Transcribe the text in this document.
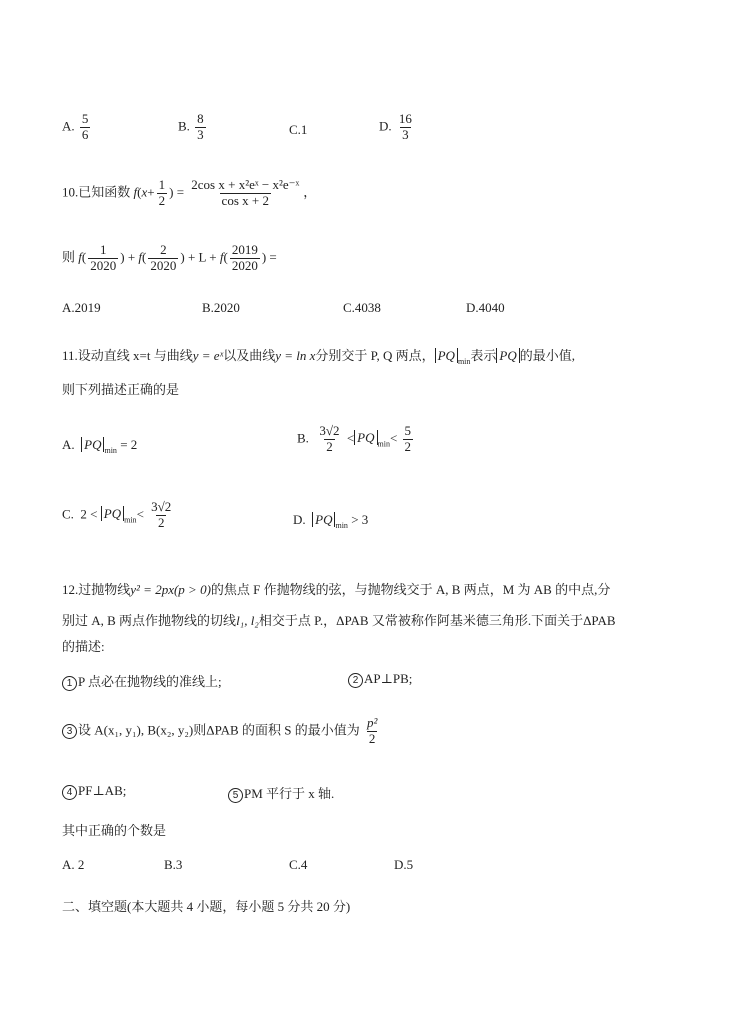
A. $\frac{5}{6}$	B. $\frac{8}{3}$	C.1	D. $\frac{16}{3}$
10.已知函数 $f(x+ \frac{1}{2}$ ) = $\frac{\text{2cos x + x²eˣ − x²e⁻ˣ}}{\text{cos x + 2}}$ ，
则 $f( \frac{1}{2020}$ ) + $f( \frac{2}{2020}$ ) + $L + f( \frac{2019}{2020}$ ) =
A.2019	B.2020	C.4038	D.4040
11.设动直线 x=t 与曲线y = eˣ以及曲线y = ln x分别交于 P, Q 两点， PQ $_{min}$表示 PQ 的最小值,
则下列描述正确的是
A. PQ $_{min}$ = 2	B. $\frac{3√2}{2}$ < PQ $_{min}< \frac{5}{2}$
C. 2 < PQ $_{min}< \frac{3√2}{2}$	D. PQ $_{min}$ > 3
12.过抛物线y² = 2px(p > 0)的焦点 F 作抛物线的弦，与抛物线交于 A, B 两点，M 为 AB 的中点,分
别过 A, B 两点作抛物线的切线l₁, l₂相交于点 P.，ΔPAB 又常被称作阿基米德三角形.下面关于ΔPAB
的描述:
1 P 点必在抛物线的准线上;	2 AP⊥PB;
3 设 A(x₁, y₁), B(x₂, y₂)则ΔPAB 的面积 S 的最小值为 $\frac{\text{p²}}{2}$
4 PF⊥AB;	5 PM 平行于 x 轴.
其中正确的个数是
A. 2	B.3	C.4	D.5
二、填空题(本大题共 4 小题，每小题 5 分共 20 分)
